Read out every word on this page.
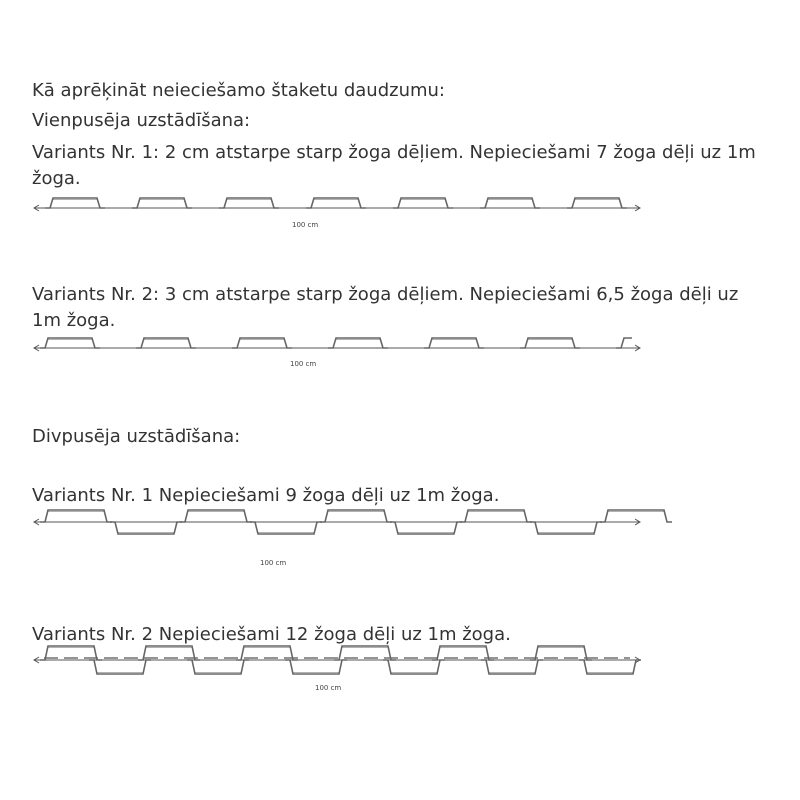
Kā aprēķināt neieciešamo štaketu daudzumu:
Vienpusēja uzstādīšana:
Variants Nr. 1: 2 cm atstarpe starp žoga dēļiem. Nepieciešami 7 žoga dēļi uz 1m žoga.
100 cm
Variants Nr. 2: 3 cm atstarpe starp žoga dēļiem. Nepieciešami 6,5 žoga dēļi uz 1m žoga.
100 cm
Divpusēja uzstādīšana:
Variants Nr. 1 Nepieciešami 9 žoga dēļi uz 1m žoga.
100 cm
Variants Nr. 2 Nepieciešami 12 žoga dēļi uz 1m žoga.
100 cm
